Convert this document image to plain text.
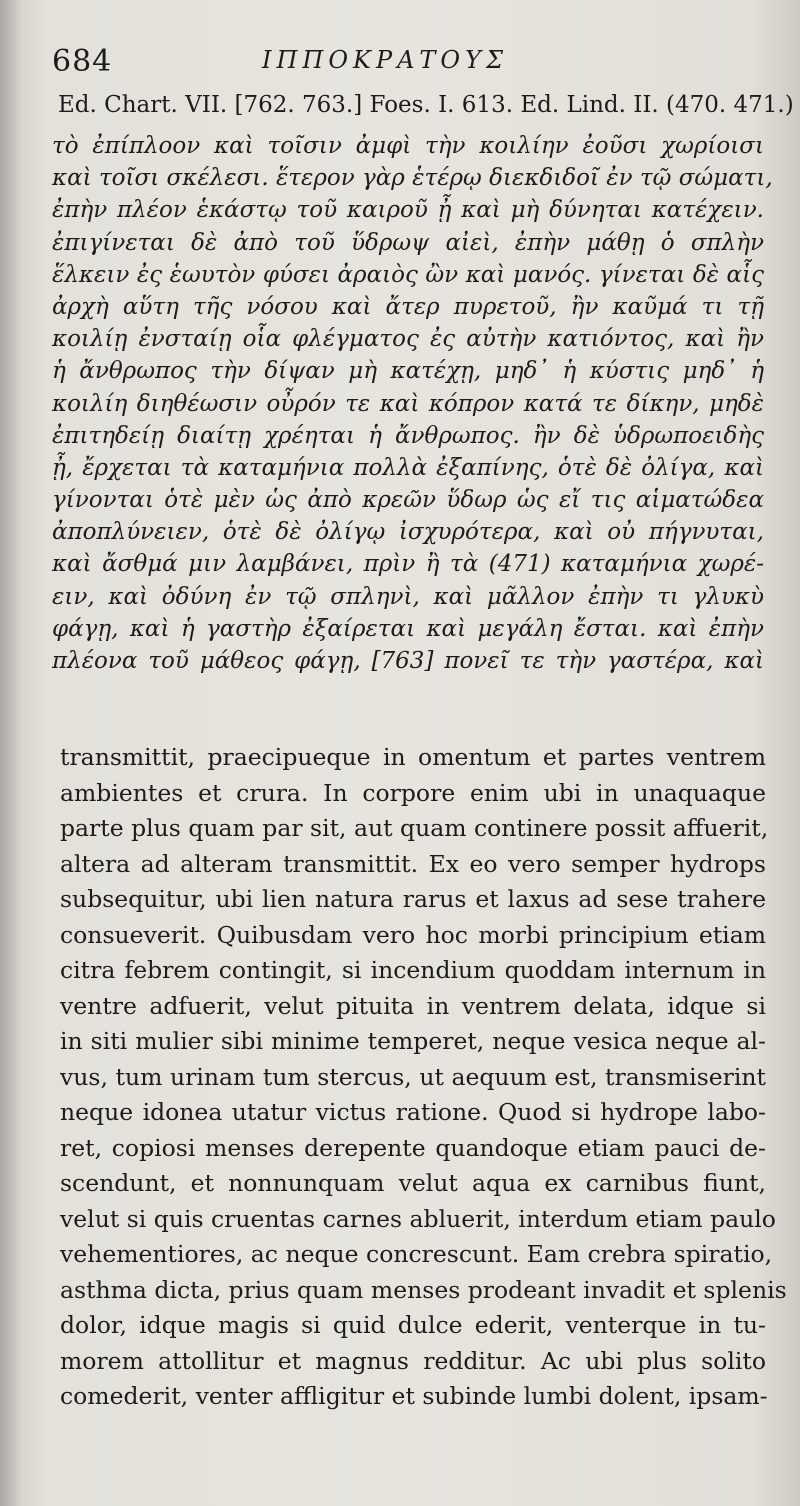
684	ΙΠΠΟΚΡΑΤΟΥΣ
Ed. Chart. VII. [762. 763.] Foes. I. 613. Ed. Lind. II. (470. 471.)
τὸ ἐπίπλοον καὶ τοῖσιν ἀμφὶ τὴν κοιλίην ἐοῦσι χωρίοισι
καὶ τοῖσι σκέλεσι. ἕτερον γὰρ ἑτέρῳ διεκδιδοῖ ἐν τῷ σώματι,
ἐπὴν πλέον ἑκάστῳ τοῦ καιροῦ ᾖ καὶ μὴ δύνηται κατέχειν.
ἐπιγίνεται δὲ ἀπὸ τοῦ ὕδρωψ αἰεὶ, ἐπὴν μάθῃ ὁ σπλὴν
ἕλκειν ἐς ἑωυτὸν φύσει ἀραιὸς ὢν καὶ μανός. γίνεται δὲ αἷς
ἀρχὴ αὕτη τῆς νόσου καὶ ἄτερ πυρετοῦ, ἢν καῦμά τι τῇ
κοιλίῃ ἐνσταίῃ οἷα φλέγματος ἐς αὐτὴν κατιόντος, καὶ ἢν
ἡ ἄνθρωπος τὴν δίψαν μὴ κατέχῃ, μηδ᾽ ἡ κύστις μηδ᾽ ἡ
κοιλίη διηθέωσιν οὖρόν τε καὶ κόπρον κατά τε δίκην, μηδὲ
ἐπιτηδείῃ διαίτῃ χρέηται ἡ ἄνθρωπος. ἢν δὲ ὑδρωποειδὴς
ᾖ, ἔρχεται τὰ καταμήνια πολλὰ ἐξαπίνης, ὁτὲ δὲ ὀλίγα, καὶ
γίνονται ὁτὲ μὲν ὡς ἀπὸ κρεῶν ὕδωρ ὡς εἴ τις αἱματώδεα
ἀποπλύνειεν, ὁτὲ δὲ ὀλίγῳ ἰσχυρότερα, καὶ οὐ πήγνυται,
καὶ ἄσθμά μιν λαμβάνει, πρὶν ἢ τὰ (471) καταμήνια χωρέ-
ειν, καὶ ὀδύνη ἐν τῷ σπληνὶ, καὶ μᾶλλον ἐπὴν τι γλυκὺ
φάγῃ, καὶ ἡ γαστὴρ ἐξαίρεται καὶ μεγάλη ἔσται. καὶ ἐπὴν
πλέονα τοῦ μάθεος φάγῃ, [763] πονεῖ τε τὴν γαστέρα, καὶ
transmittit, praecipueque in omentum et partes ventrem
ambientes et crura. In corpore enim ubi in unaquaque
parte plus quam par sit, aut quam continere possit affuerit,
altera ad alteram transmittit. Ex eo vero semper hydrops
subsequitur, ubi lien natura rarus et laxus ad sese trahere
consueverit. Quibusdam vero hoc morbi principium etiam
citra febrem contingit, si incendium quoddam internum in
ventre adfuerit, velut pituita in ventrem delata, idque si
in siti mulier sibi minime temperet, neque vesica neque al-
vus, tum urinam tum stercus, ut aequum est, transmiserint
neque idonea utatur victus ratione. Quod si hydrope labo-
ret, copiosi menses derepente quandoque etiam pauci de-
scendunt, et nonnunquam velut aqua ex carnibus fiunt,
velut si quis cruentas carnes abluerit, interdum etiam paulo
vehementiores, ac neque concrescunt. Eam crebra spiratio,
asthma dicta, prius quam menses prodeant invadit et splenis
dolor, idque magis si quid dulce ederit, venterque in tu-
morem attollitur et magnus redditur. Ac ubi plus solito
comederit, venter affligitur et subinde lumbi dolent, ipsam-
